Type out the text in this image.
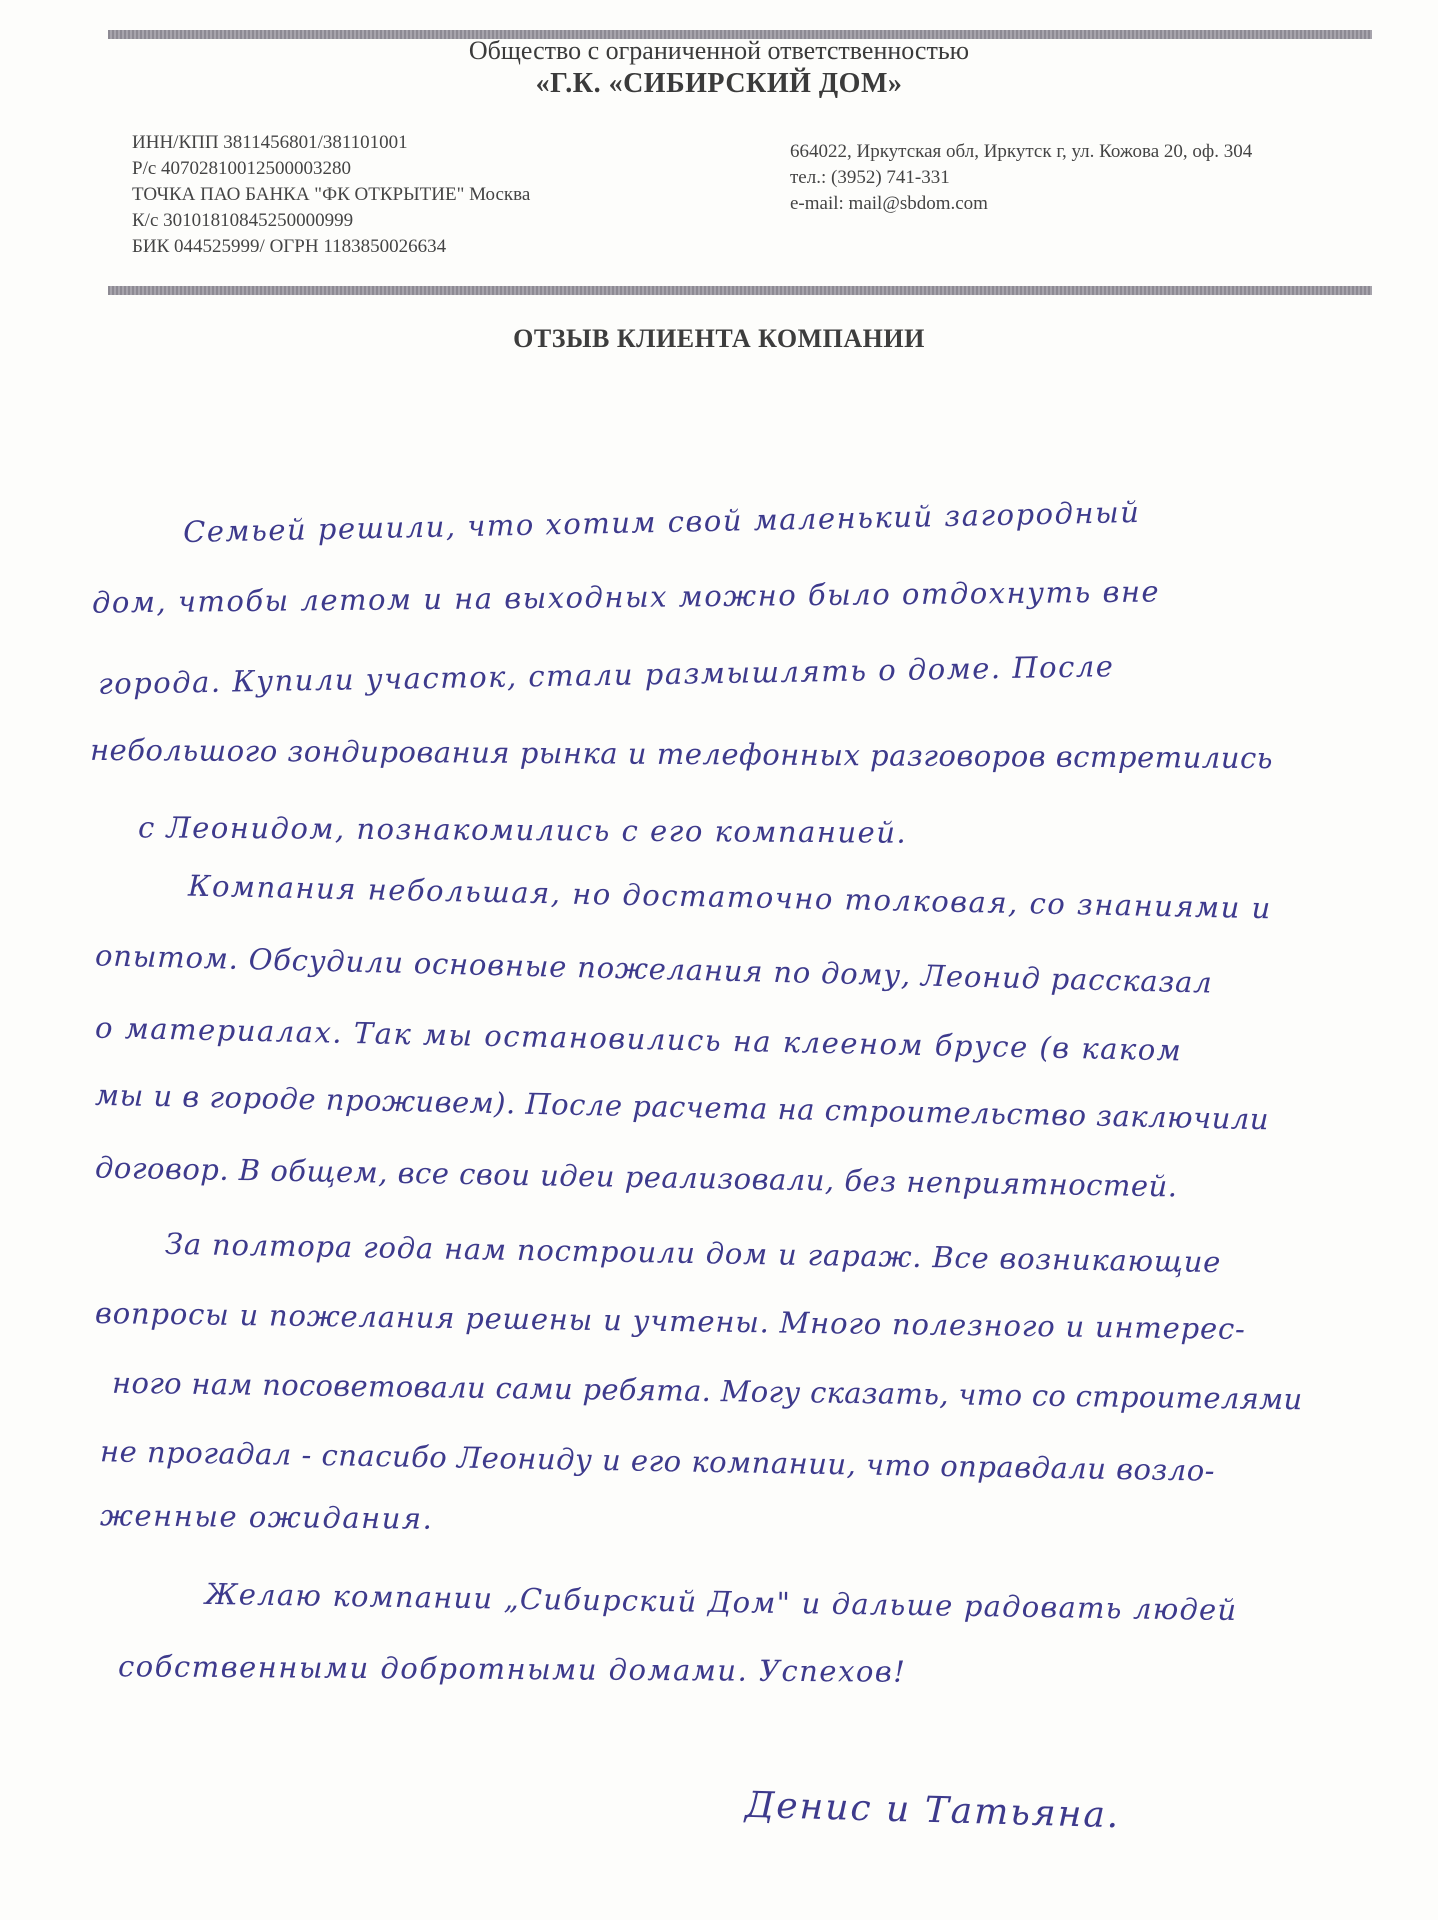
Общество с ограниченной ответственностью
«Г.К. «СИБИРСКИЙ ДОМ»
ИНН/КПП 3811456801/381101001
Р/с 40702810012500003280
ТОЧКА ПАО БАНКА "ФК ОТКРЫТИЕ" Москва
К/с 30101810845250000999
БИК 044525999/ ОГРН 1183850026634
664022, Иркутская обл, Иркутск г, ул. Кожова 20, оф. 304
тел.: (3952) 741-331
e-mail: mail@sbdom.com
ОТЗЫВ КЛИЕНТА КОМПАНИИ
Семьей решили, что хотим свой маленький загородный
дом, чтобы летом и на выходных можно было отдохнуть вне
города. Купили участок, стали размышлять о доме. После
небольшого зондирования рынка и телефонных разговоров встретились
с Леонидом, познакомились с его компанией.
Компания небольшая, но достаточно толковая, со знаниями и
опытом. Обсудили основные пожелания по дому, Леонид рассказал
о материалах. Так мы остановились на клееном брусе (в каком
мы и в городе проживем). После расчета на строительство заключили
договор. В общем, все свои идеи реализовали, без неприятностей.
За полтора года нам построили дом и гараж. Все возникающие
вопросы и пожелания решены и учтены. Много полезного и интерес-
ного нам посоветовали сами ребята. Могу сказать, что со строителями
не прогадал - спасибо Леониду и его компании, что оправдали возло-
женные ожидания.
Желаю компании „Сибирский Дом" и дальше радовать людей
собственными добротными домами. Успехов!
Денис и Татьяна.
